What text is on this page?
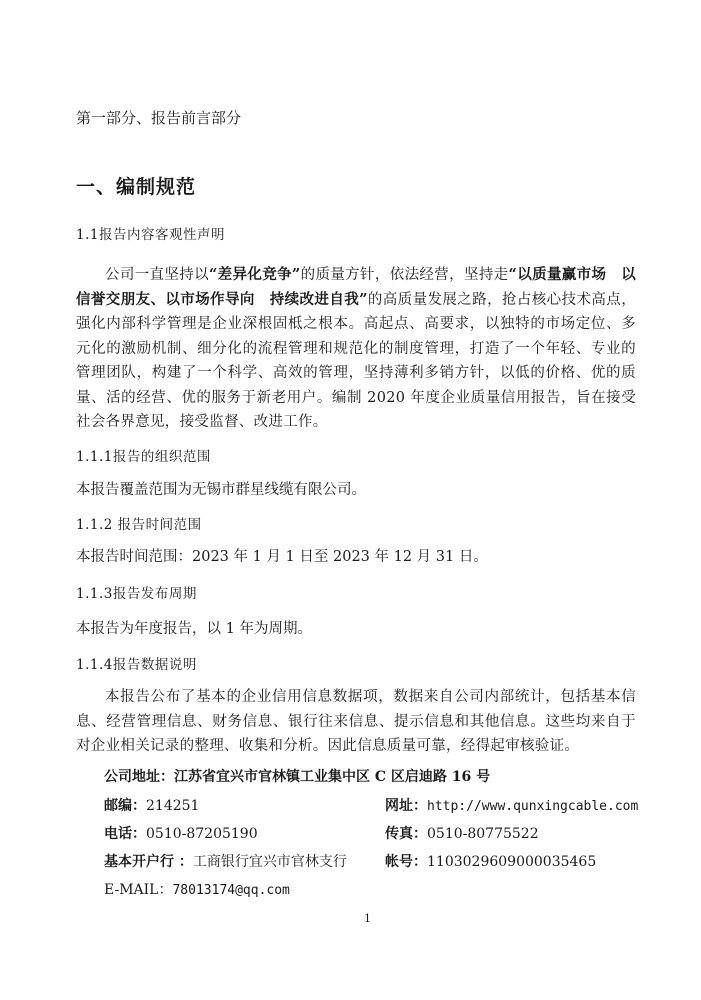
第一部分、报告前言部分
一、编制规范
1.1报告内容客观性声明
公司一直坚持以“差异化竞争”的质量方针，依法经营，坚持走“以质量赢市场　以信誉交朋友、以市场作导向　持续改进自我”的高质量发展之路，抢占核心技术高点，强化内部科学管理是企业深根固柢之根本。高起点、高要求，以独特的市场定位、多元化的激励机制、细分化的流程管理和规范化的制度管理，打造了一个年轻、专业的管理团队，构建了一个科学、高效的管理，坚持薄利多销方针，以低的价格、优的质量、活的经营、优的服务于新老用户。编制 2020 年度企业质量信用报告，旨在接受社会各界意见，接受监督、改进工作。
1.1.1报告的组织范围
本报告覆盖范围为无锡市群星线缆有限公司。
1.1.2 报告时间范围
本报告时间范围：2023 年 1 月 1 日至 2023 年 12 月 31 日。
1.1.3报告发布周期
本报告为年度报告，以 1 年为周期。
1.1.4报告数据说明
本报告公布了基本的企业信用信息数据项，数据来自公司内部统计，包括基本信息、经营管理信息、财务信息、银行往来信息、提示信息和其他信息。这些均来自于对企业相关记录的整理、收集和分析。因此信息质量可靠，经得起审核验证。
公司地址：江苏省宜兴市官林镇工业集中区 C 区启迪路 16 号
邮编：214251	网址：http://www.qunxingcable.com
电话：0510-87205190	传真：0510-80775522
基本开户行 ：工商银行宜兴市官林支行	帐号：1103029609000035465
E-MAIL：78013174@qq.com
1
